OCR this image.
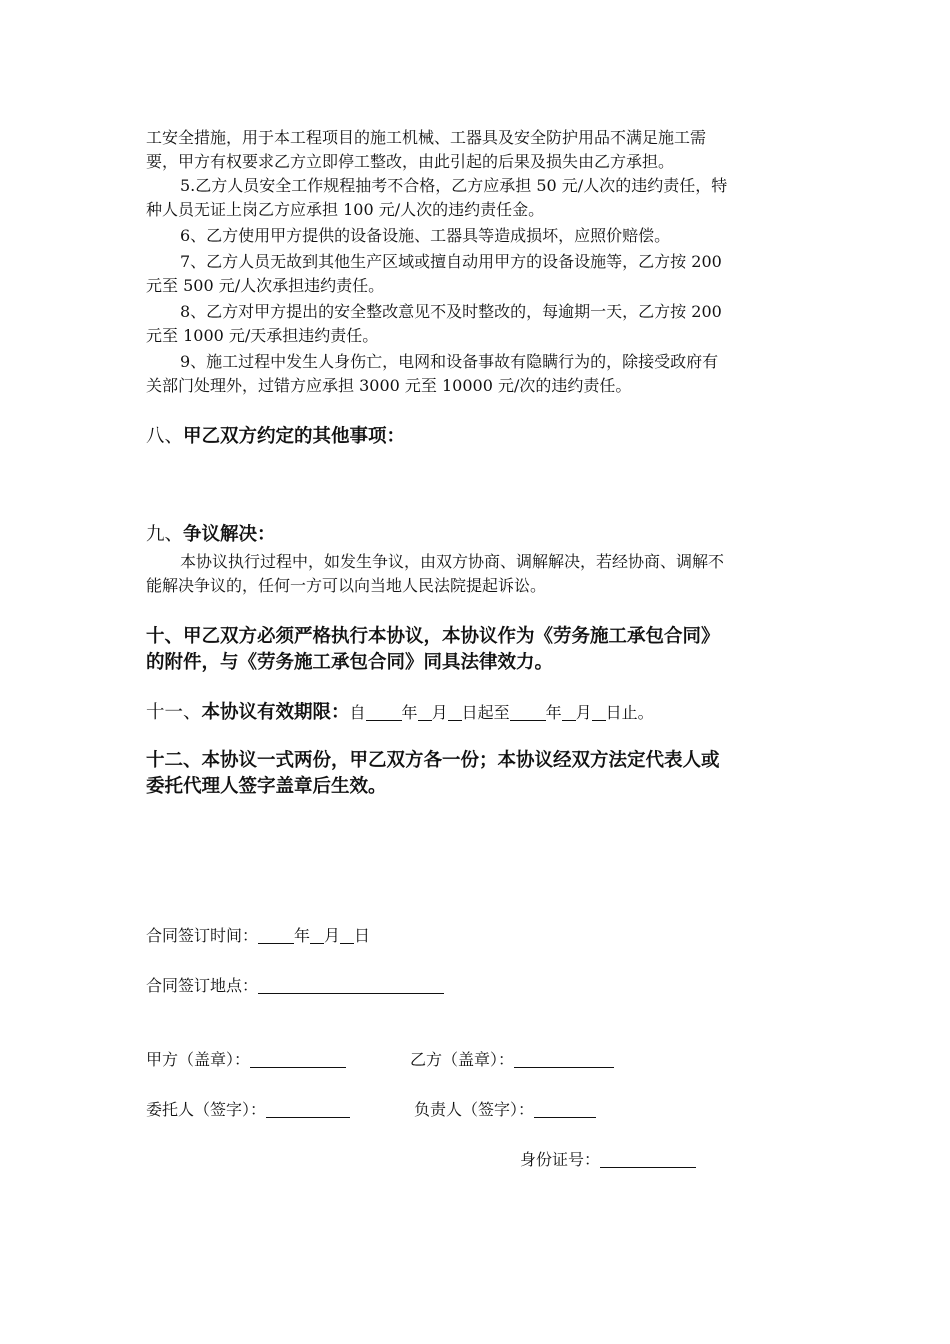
工安全措施，用于本工程项目的施工机械、工器具及安全防护用品不满足施工需
要，甲方有权要求乙方立即停工整改，由此引起的后果及损失由乙方承担。
5.乙方人员安全工作规程抽考不合格，乙方应承担 50 元/人次的违约责任，特
种人员无证上岗乙方应承担 100 元/人次的违约责任金。
6、乙方使用甲方提供的设备设施、工器具等造成损坏，应照价赔偿。
7、乙方人员无故到其他生产区域或擅自动用甲方的设备设施等，乙方按 200
元至 500 元/人次承担违约责任。
8、乙方对甲方提出的安全整改意见不及时整改的，每逾期一天，乙方按 200
元至 1000 元/天承担违约责任。
9、施工过程中发生人身伤亡，电网和设备事故有隐瞒行为的，除接受政府有
关部门处理外，过错方应承担 3000 元至 10000 元/次的违约责任。
八、甲乙双方约定的其他事项：
九、争议解决：
本协议执行过程中，如发生争议，由双方协商、调解解决，若经协商、调解不
能解决争议的，任何一方可以向当地人民法院提起诉讼。
十、甲乙双方必须严格执行本协议，本协议作为《劳务施工承包合同》
的附件，与《劳务施工承包合同》同具法律效力。
十一、本协议有效期限：自 年 月 日起至 年 月 日止。
十二、本协议一式两份，甲乙双方各一份；本协议经双方法定代表人或
委托代理人签字盖章后生效。
合同签订时间： 年 月 日
合同签订地点：
甲方（盖章）：	乙方（盖章）：
委托人（签字）：	负责人（签字）：
身份证号：
